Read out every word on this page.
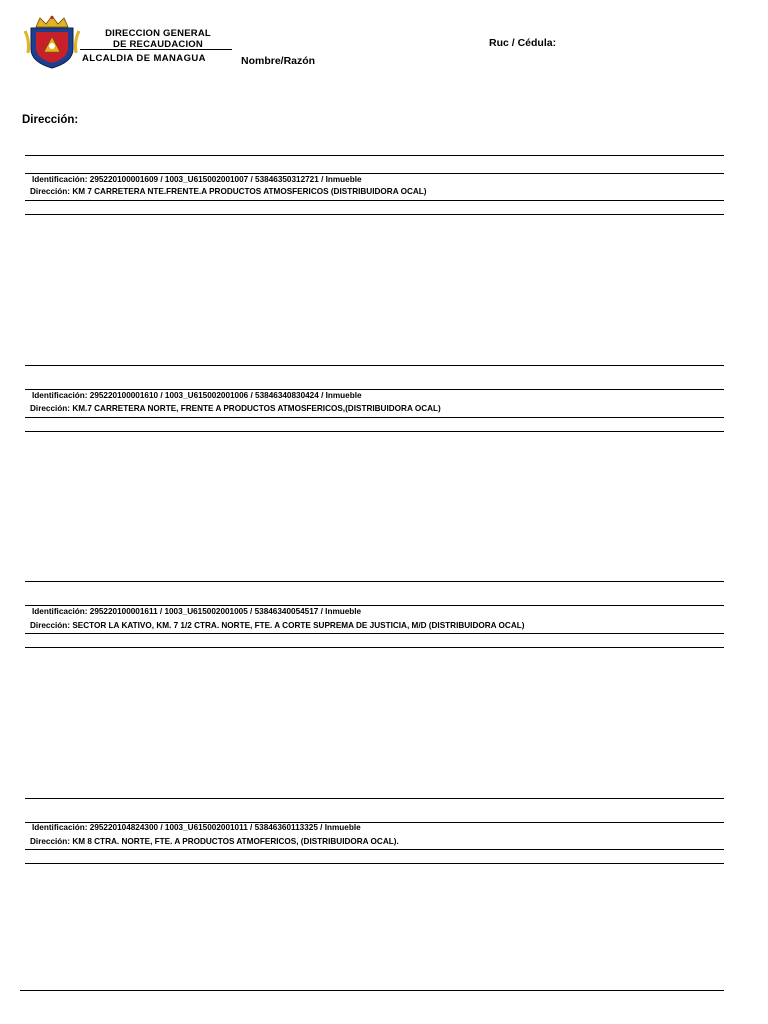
DIRECCION GENERAL
DE RECAUDACION
ALCALDIA DE MANAGUA	Nombre/Razón
Ruc / Cédula:
Dirección:
Identificación: 295220100001609 / 1003_U615002001007 / 53846350312721 / Inmueble
Dirección: KM 7 CARRETERA NTE.FRENTE.A PRODUCTOS ATMOSFERICOS (DISTRIBUIDORA OCAL)
Identificación: 295220100001610 / 1003_U615002001006 / 53846340830424 / Inmueble
Dirección: KM.7 CARRETERA NORTE, FRENTE A PRODUCTOS ATMOSFERICOS,(DISTRIBUIDORA OCAL)
Identificación: 295220100001611 / 1003_U615002001005 / 53846340054517 / Inmueble
Dirección: SECTOR LA KATIVO, KM. 7 1/2 CTRA. NORTE, FTE. A CORTE SUPREMA DE JUSTICIA, M/D (DISTRIBUIDORA OCAL)
Identificación: 295220104824300 / 1003_U615002001011 / 53846360113325 / Inmueble
Dirección: KM 8 CTRA. NORTE, FTE. A PRODUCTOS ATMOFERICOS, (DISTRIBUIDORA OCAL).
